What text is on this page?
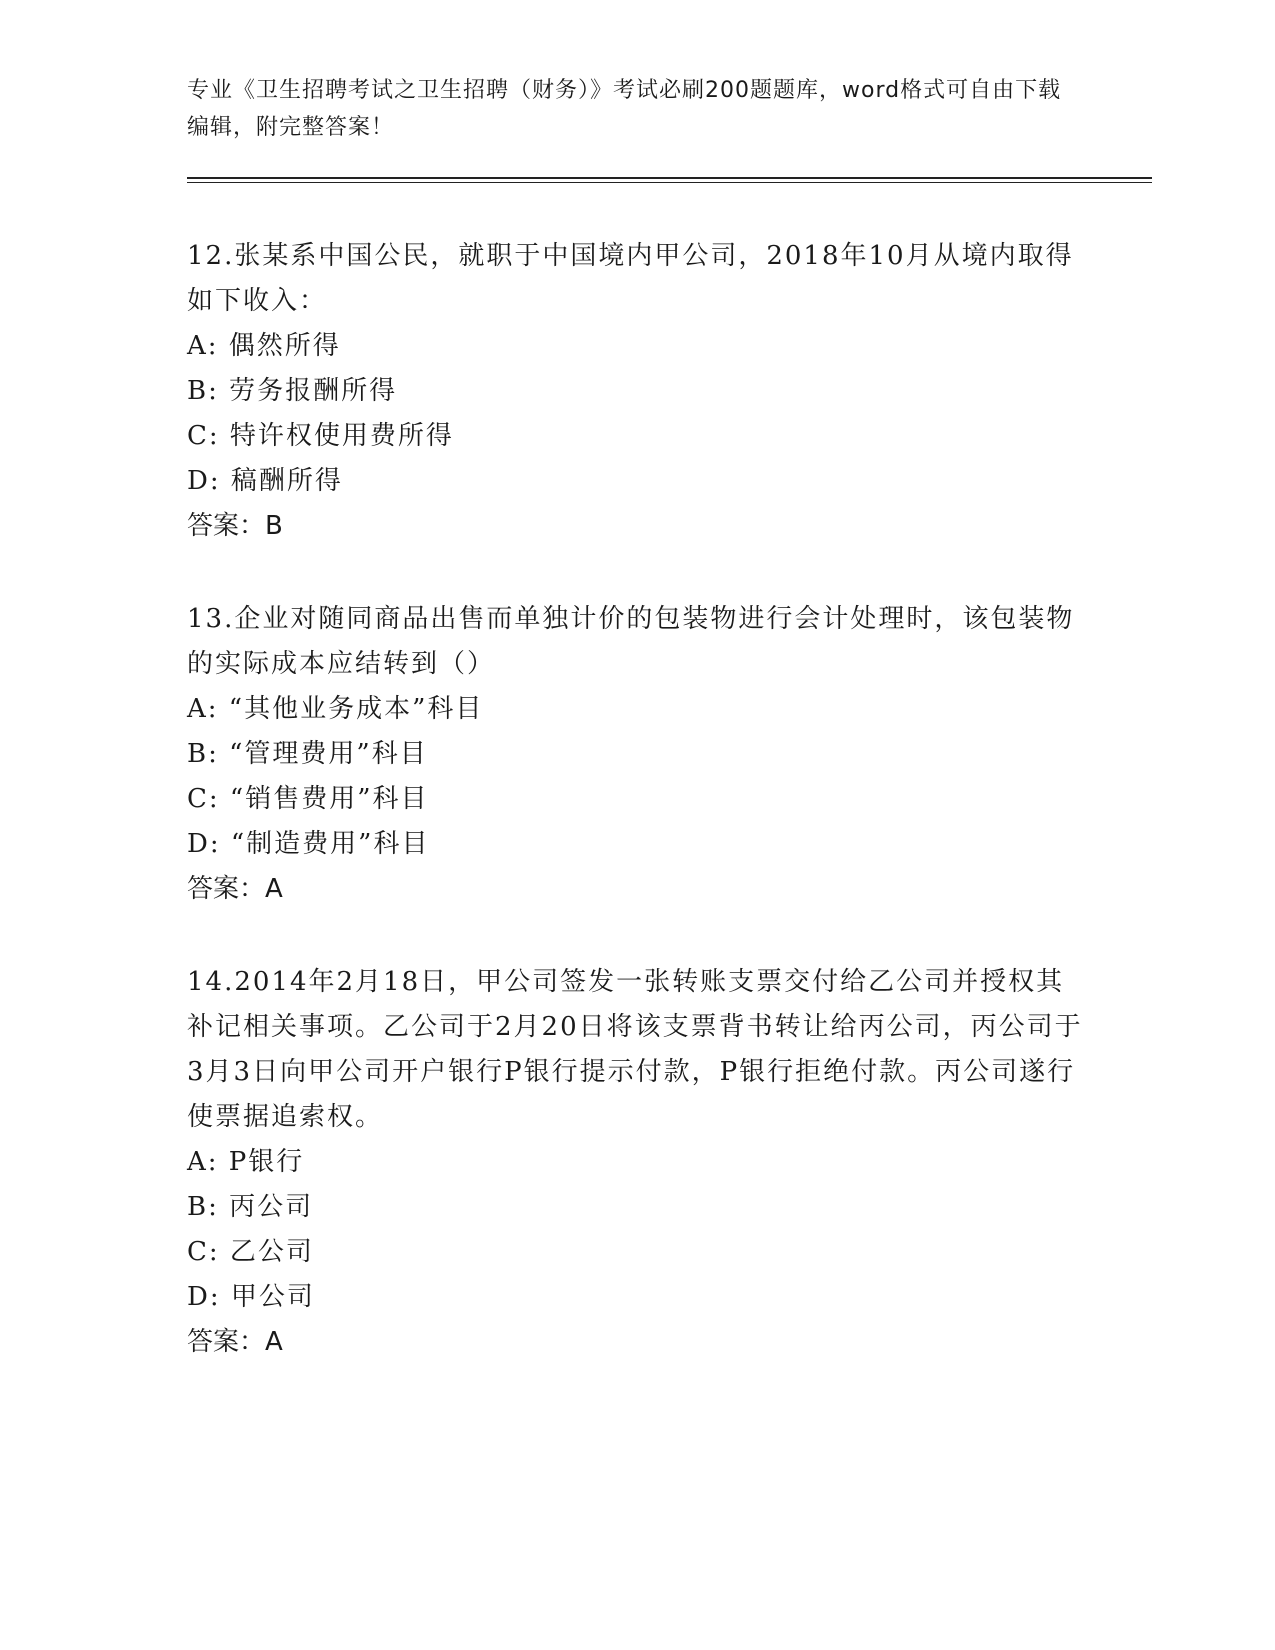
专业《卫生招聘考试之卫生招聘（财务）》考试必刷200题题库，word格式可自由下载编辑，附完整答案！

12.张某系中国公民，就职于中国境内甲公司，2018年10月从境内取得如下收入：

A: 偶然所得

B: 劳务报酬所得

C: 特许权使用费所得

D: 稿酬所得

答案：B

13.企业对随同商品出售而单独计价的包装物进行会计处理时，该包装物的实际成本应结转到（）

A: “其他业务成本”科目

B: “管理费用”科目

C: “销售费用”科目

D: “制造费用”科目

答案：A

14.2014年2月18日，甲公司签发一张转账支票交付给乙公司并授权其补记相关事项。乙公司于2月20日将该支票背书转让给丙公司，丙公司于3月3日向甲公司开户银行P银行提示付款，P银行拒绝付款。丙公司遂行使票据追索权。

A: P银行

B: 丙公司

C: 乙公司

D: 甲公司

答案：A
